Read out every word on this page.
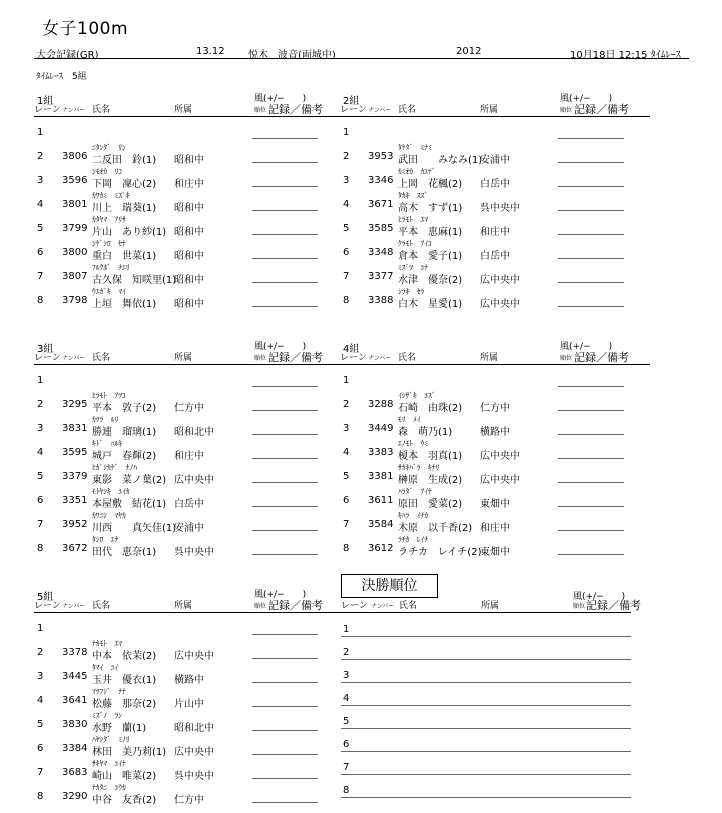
女子100m
大会記録(GR)	13.12 悦木　波音(両城中)	2012	10月18日 12:15 ﾀｲﾑﾚｰｽ
ﾀｲﾑﾚｰｽ　5組
1組	風(+/−　　)
レーン ナンバー 氏名	所属	順位 記録／備考
1
ﾆﾀﾝﾀﾞ　ﾘﾝ
2 3806 二反田　鈴(1) 昭和中
ｼﾓｵｶ　ﾘｺ
3 3596 下岡　凜心(2) 和庄中
ｶﾜｶﾐ　ﾐｽﾞｷ
4 3801 川上　瑞葵(1) 昭和中
ｶﾀﾔﾏ　ｱﾘｻ
5 3799 片山　あり紗(1) 昭和中
ｼｹﾞｼﾛ　ｾﾅ
6 3800 重白　世菜(1) 昭和中
ﾌﾙｸﾎﾞ　ﾁｴﾘ
7 3807 古久保　知咲里(1)
昭和中
ｳｴｶﾞｷ　ﾏｲ
8 3798 上垣　舞依(1) 昭和中
2組	風(+/−　　)
レーン ナンバー 氏名	所属	順位 記録／備考
1
ﾀｹﾀﾞ　ﾐﾅﾐ
2 3953 武田　　みなみ(1)
安浦中
ｶﾐｵｶ　ｶｴﾃﾞ
3 3346 上岡　花楓(2) 白岳中
ﾀｶｷ　ｽｽﾞ
4 3671 高木　すず(1) 呉中央中
ﾋﾗﾓﾄ　ｴﾏ
5 3585 平本　恵麻(1) 和庄中
ｸﾗﾓﾄ　ｱｲｺ
6 3348 倉本　愛子(1) 白岳中
ﾐｽﾞﾂ　ﾕﾅ
7 3377 水津　優奈(2) 広中央中
ｼﾗｷ　ｾﾗ
8 3388 白木　星愛(1) 広中央中
3組	風(+/−　　)
レーン ナンバー 氏名	所属	順位 記録／備考
1
ﾋﾗﾓﾄ　ｱﾂｺ
2 3295 平本　敦子(2) 仁方中
ｶﾂﾗ　ﾙﾘ
3 3831 勝連　瑠璃(1) 昭和北中
ｷﾄﾞ　ﾊﾙｷ
4 3595 城戸　春輝(2) 和庄中
ﾋｶﾞｼｶｹﾞ　ﾅﾉﾊ
5 3379 東影　菜ノ葉(2) 広中央中
ﾓﾄﾔｼｷ　ﾕｲｶ
6 3351 本屋敷　結花(1) 白岳中
ｶﾜﾆｼ　ﾏﾔｶ
7 3952 川西　　真矢佳(1)
安浦中
ﾀｼﾛ　ｴﾅ
8 3672 田代　恵奈(1) 呉中央中
4組	風(+/−　　)
レーン ナンバー 氏名	所属	順位 記録／備考
1
ｲｼｻﾞｷ　ﾕｽﾞ
2 3288 石崎　由珠(2) 仁方中
ﾓﾘ　ﾒｲ
3 3449 森　萌乃(1)	横路中
ｴﾉﾓﾄ　ｳﾐ
4 3383 榎本　羽真(1) 広中央中
ｻｶｷﾊﾞﾗ　ｷﾅﾘ
5 3381 榊原　生成(2) 広中央中
ﾊﾗﾀﾞ　ｱｲﾅ
6 3611 原田　愛菜(2) 東畑中
ｷﾊﾗ　ｲﾁｶ
7 3584 木原　以千香(2) 和庄中
ﾗﾁｶ　ﾚｲﾁ
8 3612 ラチカ　レイチ(2)
東畑中
5組	風(+/−　　)
レーン ナンバー 氏名	所属	順位 記録／備考
1
ﾅｶﾓﾄ　ｴﾏ
2 3378 中本　依茉(2) 広中央中
ﾀﾏｲ　ﾕｲ
3 3445 玉井　優衣(1) 横路中
ﾏﾂﾌｼﾞ　ﾅﾅ
4 3641 松藤　那奈(2) 片山中
ﾐｽﾞﾉ　ﾗﾝ
5 3830 水野　蘭(1)	昭和北中
ﾊﾔｼﾀﾞ　ﾐﾉﾘ
6 3384 林田　美乃莉(1) 広中央中
ｻｷﾔﾏ　ﾕｲﾅ
7 3683 崎山　唯菜(2) 呉中央中
ﾅｶﾀﾆ　ﾕｳｶ
8 3290 中谷　友香(2) 仁方中
決勝順位
風(+/−　　)
レーン ナンバー 氏名	所属	順位 記録／備考
1
2
3
4
5
6
7
8
